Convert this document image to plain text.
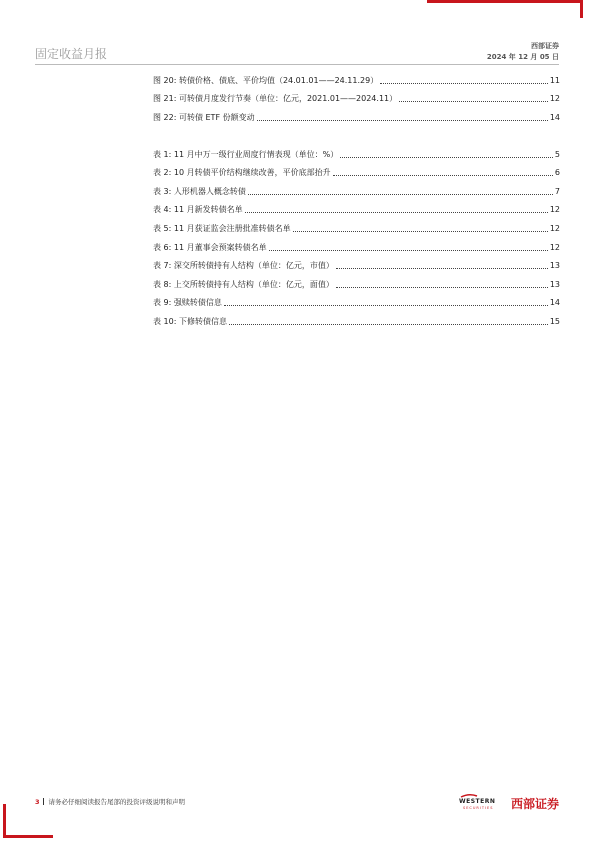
固定收益月报
西部证券
2024 年 12 月 05 日
图 20: 转债价格、债底、平价均值（24.01.01——24.11.29）	11
图 21: 可转债月度发行节奏（单位：亿元，2021.01——2024.11）	12
图 22: 可转债 ETF 份额变动	14
表 1: 11 月中万一级行业周度行情表现（单位：%）	5
表 2: 10 月转债平价结构继续改善，平价底部抬升	6
表 3: 人形机器人概念转债	7
表 4: 11 月新发转债名单	12
表 5: 11 月获证监会注册批准转债名单	12
表 6: 11 月董事会预案转债名单	12
表 7: 深交所转债持有人结构（单位：亿元，市值）	13
表 8: 上交所转债持有人结构（单位：亿元，面值）	13
表 9: 强赎转债信息	14
表 10: 下修转债信息	15
3 请务必仔细阅读报告尾部的投资评级说明和声明	WESTERN
SECURITIES 西部证券
